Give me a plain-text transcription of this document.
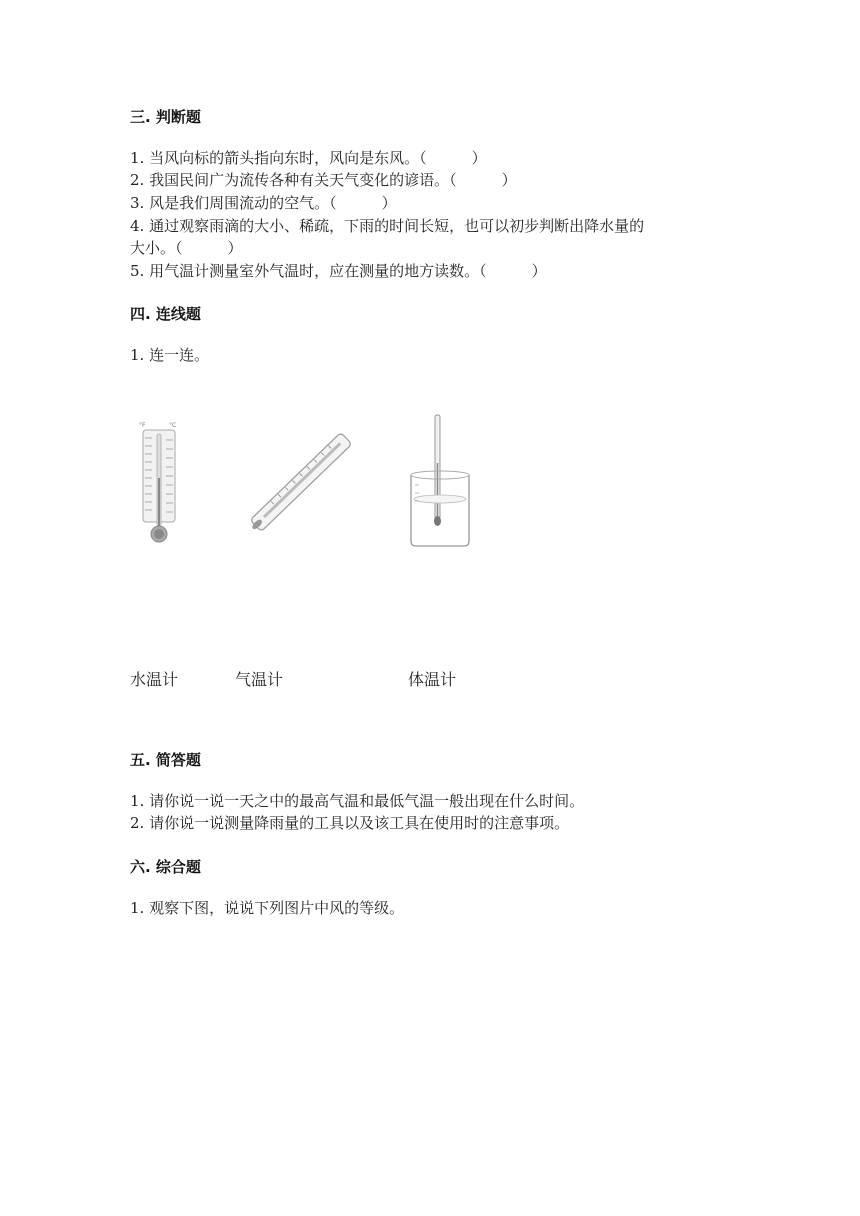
三. 判断题
1. 当风向标的箭头指向东时，风向是东风。（　　　）
2. 我国民间广为流传各种有关天气变化的谚语。（　　　）
3. 风是我们周围流动的空气。（　　　）
4. 通过观察雨滴的大小、稀疏，下雨的时间长短，也可以初步判断出降水量的
大小。（　　　）
5. 用气温计测量室外气温时，应在测量的地方读数。（　　　）
四. 连线题
1. 连一连。
°F	°C
水温计	气温计	体温计
五. 简答题
1. 请你说一说一天之中的最高气温和最低气温一般出现在什么时间。
2. 请你说一说测量降雨量的工具以及该工具在使用时的注意事项。
六. 综合题
1. 观察下图，说说下列图片中风的等级。
